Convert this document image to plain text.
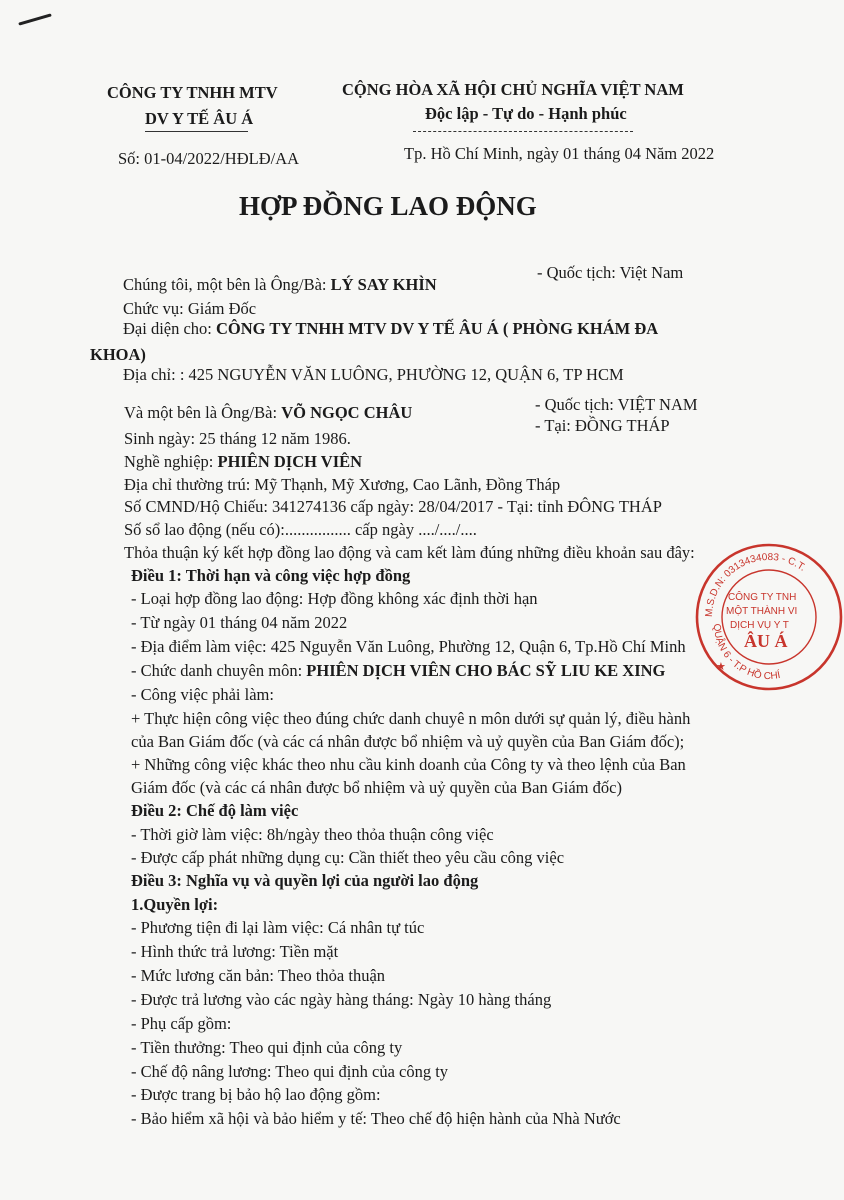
CÔNG TY TNHH MTV
DV Y TẾ ÂU Á
CỘNG HÒA XÃ HỘI CHỦ NGHĨA VIỆT NAM
Độc lập - Tự do - Hạnh phúc
Số: 01-04/2022/HĐLĐ/AA	Tp. Hồ Chí Minh, ngày 01 tháng 04 Năm 2022
HỢP ĐỒNG LAO ĐỘNG
Chúng tôi, một bên là Ông/Bà: LÝ SAY KHÌN
- Quốc tịch: Việt Nam
Chức vụ: Giám Đốc
Đại diện cho: CÔNG TY TNHH MTV DV Y TẾ ÂU Á ( PHÒNG KHÁM ĐA
KHOA)
Địa chỉ: : 425 NGUYỄN VĂN LUÔNG, PHƯỜNG 12, QUẬN 6, TP HCM
Và một bên là Ông/Bà: VÕ NGỌC CHÂU	- Quốc tịch: VIỆT NAM
Sinh ngày: 25 tháng 12 năm 1986.
- Tại: ĐỒNG THÁP
Nghề nghiệp: PHIÊN DỊCH VIÊN
Địa chỉ thường trú: Mỹ Thạnh, Mỹ Xương, Cao Lãnh, Đồng Tháp
Số CMND/Hộ Chiếu: 341274136 cấp ngày: 28/04/2017 - Tại: tỉnh ĐÔNG THÁP
Số sổ lao động (nếu có):................ cấp ngày ..../..../....
Thỏa thuận ký kết hợp đồng lao động và cam kết làm đúng những điều khoản sau đây:
Điều 1: Thời hạn và công việc hợp đồng
- Loại hợp đồng lao động: Hợp đồng không xác định thời hạn
- Từ ngày 01 tháng 04 năm 2022
- Địa điểm làm việc: 425 Nguyễn Văn Luông, Phường 12, Quận 6, Tp.Hồ Chí Minh
- Chức danh chuyên môn: PHIÊN DỊCH VIÊN CHO BÁC SỸ LIU KE XING
- Công việc phải làm:
+ Thực hiện công việc theo đúng chức danh chuyê n môn dưới sự quản lý, điều hành
của Ban Giám đốc (và các cá nhân được bổ nhiệm và uỷ quyền của Ban Giám đốc);
+ Những công việc khác theo nhu cầu kinh doanh của Công ty và theo lệnh của Ban
Giám đốc (và các cá nhân được bổ nhiệm và uỷ quyền của Ban Giám đốc)
Điều 2: Chế độ làm việc
- Thời giờ làm việc: 8h/ngày theo thỏa thuận công việc
- Được cấp phát những dụng cụ: Cần thiết theo yêu cầu công việc
Điều 3: Nghĩa vụ và quyền lợi của người lao động
1.Quyền lợi:
- Phương tiện đi lại làm việc: Cá nhân tự túc
- Hình thức trả lương: Tiền mặt
- Mức lương căn bản: Theo thỏa thuận
- Được trả lương vào các ngày hàng tháng: Ngày 10 hàng tháng
- Phụ cấp gồm:
- Tiền thưởng: Theo qui định của công ty
- Chế độ nâng lương: Theo qui định của công ty
- Được trang bị bảo hộ lao động gồm:
- Bảo hiểm xã hội và bảo hiểm y tế: Theo chế độ hiện hành của Nhà Nước
M.S.D.N: 0313434083 - C.T.
QUẬN 6 - T.P HỒ CHÍ
CÔNG TY TNH
MỘT THÀNH VI
DỊCH VỤ Y T
ÂU Á
★
